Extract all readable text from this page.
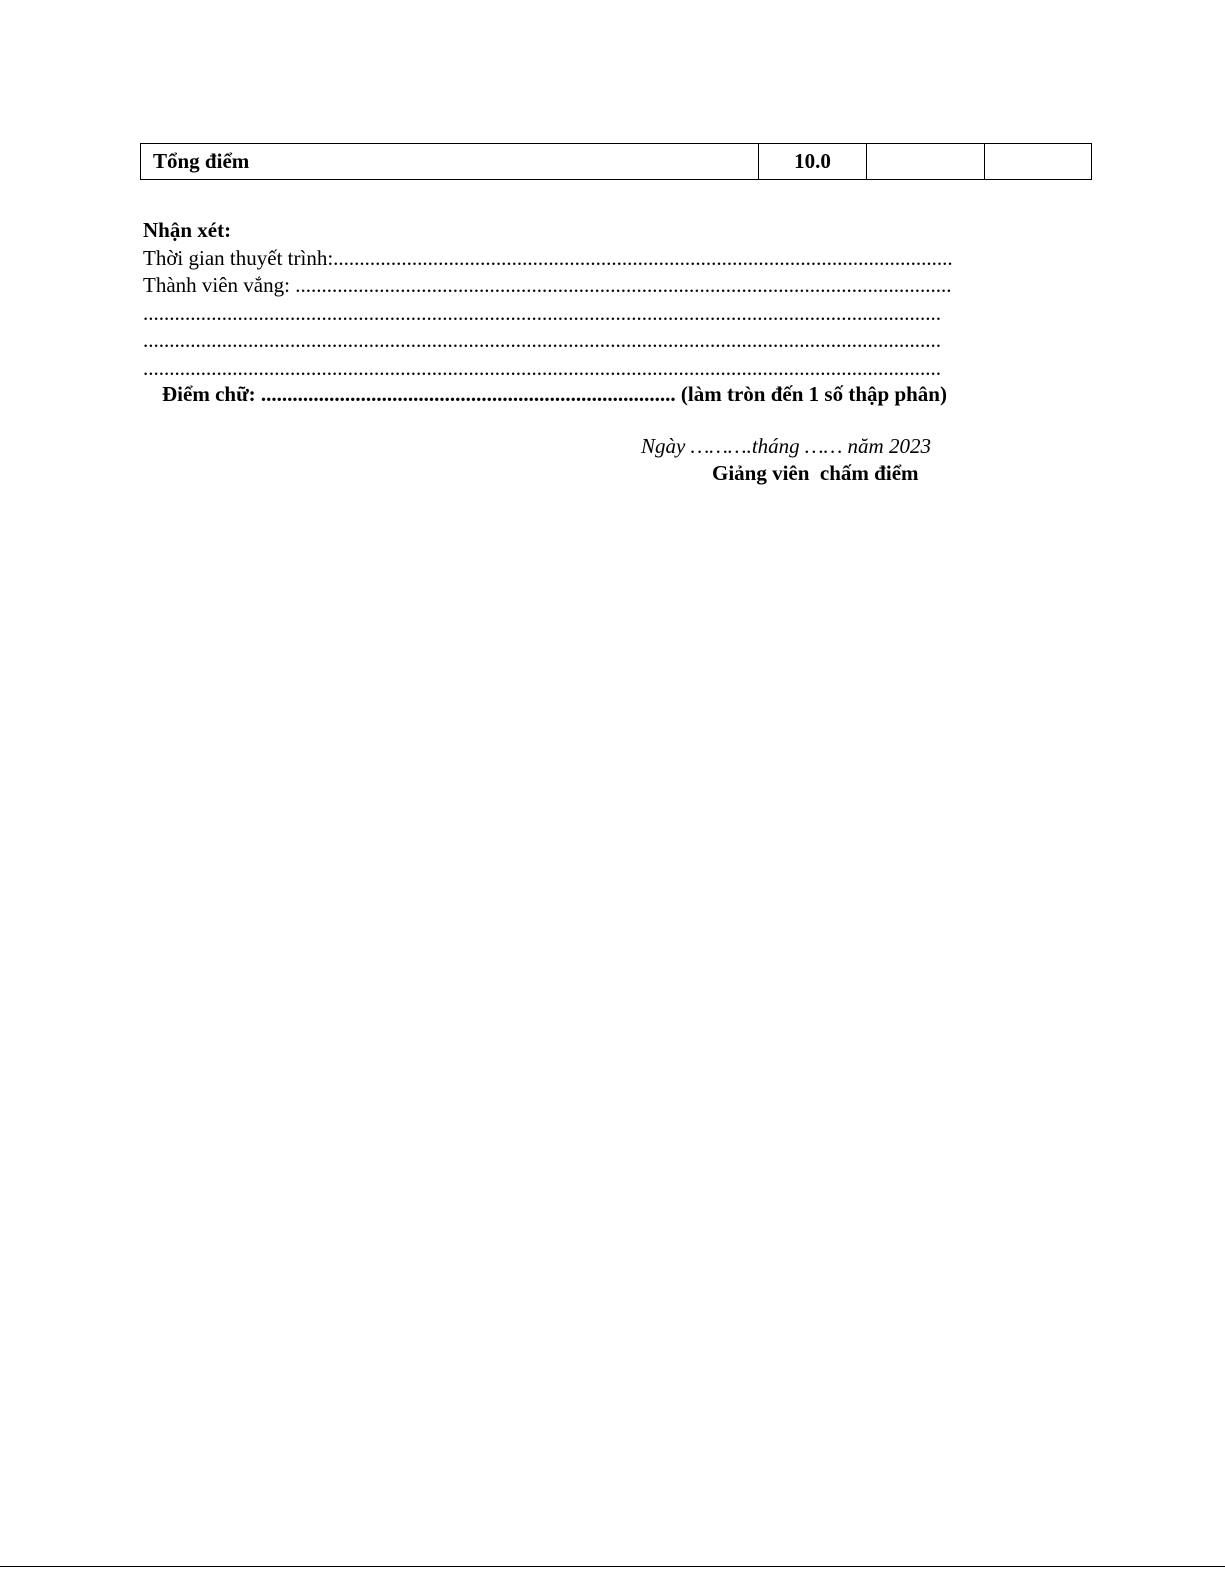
Tổng điểm	10.0		
Nhận xét:
Thời gian thuyết trình:......................................................................................................................
Thành viên vắng: .............................................................................................................................
........................................................................................................................................................
........................................................................................................................................................
........................................................................................................................................................
Điểm chữ: ............................................................................... (làm tròn đến 1 số thập phân)
Ngày ……….tháng …… năm 2023
Giảng viên  chấm điểm
